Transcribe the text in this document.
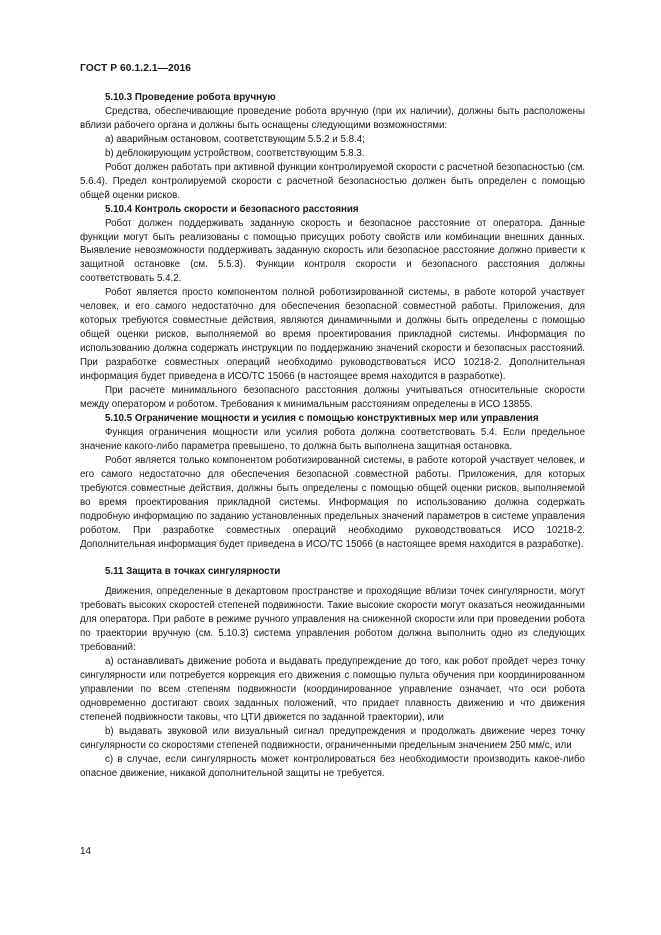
ГОСТ Р 60.1.2.1—2016

5.10.3 Проведение робота вручную

Средства, обеспечивающие проведение робота вручную (при их наличии), должны быть расположены вблизи рабочего органа и должны быть оснащены следующими возможностями:

a) аварийным остановом, соответствующим 5.5.2 и 5.8.4;

b) деблокирующим устройством, соответствующим 5.8.3.

Робот должен работать при активной функции контролируемой скорости с расчетной безопасностью (см. 5.6.4). Предел контролируемой скорости с расчетной безопасностью должен быть определен с помощью общей оценки рисков.

5.10.4 Контроль скорости и безопасного расстояния

Робот должен поддерживать заданную скорость и безопасное расстояние от оператора. Данные функции могут быть реализованы с помощью присущих роботу свойств или комбинации внешних данных. Выявление невозможности поддерживать заданную скорость или безопасное расстояние должно привести к защитной остановке (см. 5.5.3). Функции контроля скорости и безопасного расстояния должны соответствовать 5.4.2.

Робот является просто компонентом полной роботизированной системы, в работе которой участвует человек, и его самого недостаточно для обеспечения безопасной совместной работы. Приложения, для которых требуются совместные действия, являются динамичными и должны быть определены с помощью общей оценки рисков, выполняемой во время проектирования прикладной системы. Информация по использованию должна содержать инструкции по поддержанию значений скорости и безопасных расстояний. При разработке совместных операций необходимо руководствоваться ИСО 10218-2. Дополнительная информация будет приведена в ИСО/ТС 15066 (в настоящее время находится в разработке).

При расчете минимального безопасного расстояния должны учитываться относительные скорости между оператором и роботом. Требования к минимальным расстояниям определены в ИСО 13855.

5.10.5 Ограничение мощности и усилия с помощью конструктивных мер или управления

Функция ограничения мощности или усилия робота должна соответствовать 5.4. Если предельное значение какого-либо параметра превышено, то должна быть выполнена защитная остановка.

Робот является только компонентом роботизированной системы, в работе которой участвует человек, и его самого недостаточно для обеспечения безопасной совместной работы. Приложения, для которых требуются совместные действия, должны быть определены с помощью общей оценки рисков, выполняемой во время проектирования прикладной системы. Информация по использованию должна содержать подробную информацию по заданию установленных предельных значений параметров в системе управления роботом. При разработке совместных операций необходимо руководствоваться ИСО 10218-2. Дополнительная информация будет приведена в ИСО/ТС 15066 (в настоящее время находится в разработке).

5.11 Защита в точках сингулярности

Движения, определенные в декартовом пространстве и проходящие вблизи точек сингулярности, могут требовать высоких скоростей степеней подвижности. Такие высокие скорости могут оказаться неожиданными для оператора. При работе в режиме ручного управления на сниженной скорости или при проведении робота по траектории вручную (см. 5.10.3) система управления роботом должна выполнить одно из следующих требований:

a) останавливать движение робота и выдавать предупреждение до того, как робот пройдет через точку сингулярности или потребуется коррекция его движения с помощью пульта обучения при координированном управлении по всем степеням подвижности (координированное управление означает, что оси робота одновременно достигают своих заданных положений, что придает плавность движению и что движения степеней подвижности таковы, что ЦТИ движется по заданной траектории), или

b) выдавать звуковой или визуальный сигнал предупреждения и продолжать движение через точку сингулярности со скоростями степеней подвижности, ограниченными предельным значением 250 мм/с, или

c) в случае, если сингулярность может контролироваться без необходимости производить какое-либо опасное движение, никакой дополнительной защиты не требуется.

14
